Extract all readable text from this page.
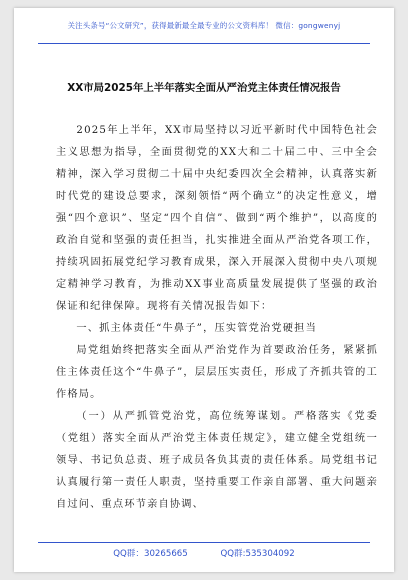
关注头条号“公文研究”，获得最新最全最专业的公文资料库！ 微信：gongwenyj
XX市局2025年上半年落实全面从严治党主体责任情况报告

2025年上半年，XX市局坚持以习近平新时代中国特色社会主义思想为指导，全面贯彻党的XX大和二十届二中、三中全会精神，深入学习贯彻二十届中央纪委四次全会精神，认真落实新时代党的建设总要求，深刻领悟“两个确立”的决定性意义，增强“四个意识”、坚定“四个自信”、做到“两个维护”，以高度的政治自觉和坚强的责任担当，扎实推进全面从严治党各项工作，持续巩固拓展党纪学习教育成果，深入开展深入贯彻中央八项规定精神学习教育，为推动XX事业高质量发展提供了坚强的政治保证和纪律保障。现将有关情况报告如下：

一、抓主体责任“牛鼻子”，压实管党治党硬担当

局党组始终把落实全面从严治党作为首要政治任务，紧紧抓住主体责任这个“牛鼻子”，层层压实责任，形成了齐抓共管的工作格局。

（一）从严抓管党治党，高位统筹谋划。严格落实《党委（党组）落实全面从严治党主体责任规定》，建立健全党组统一领导、书记负总责、班子成员各负其责的责任体系。局党组书记认真履行第一责任人职责，坚持重要工作亲自部署、重大问题亲自过问、重点环节亲自协调、

QQ群：30265665	QQ群:535304092
